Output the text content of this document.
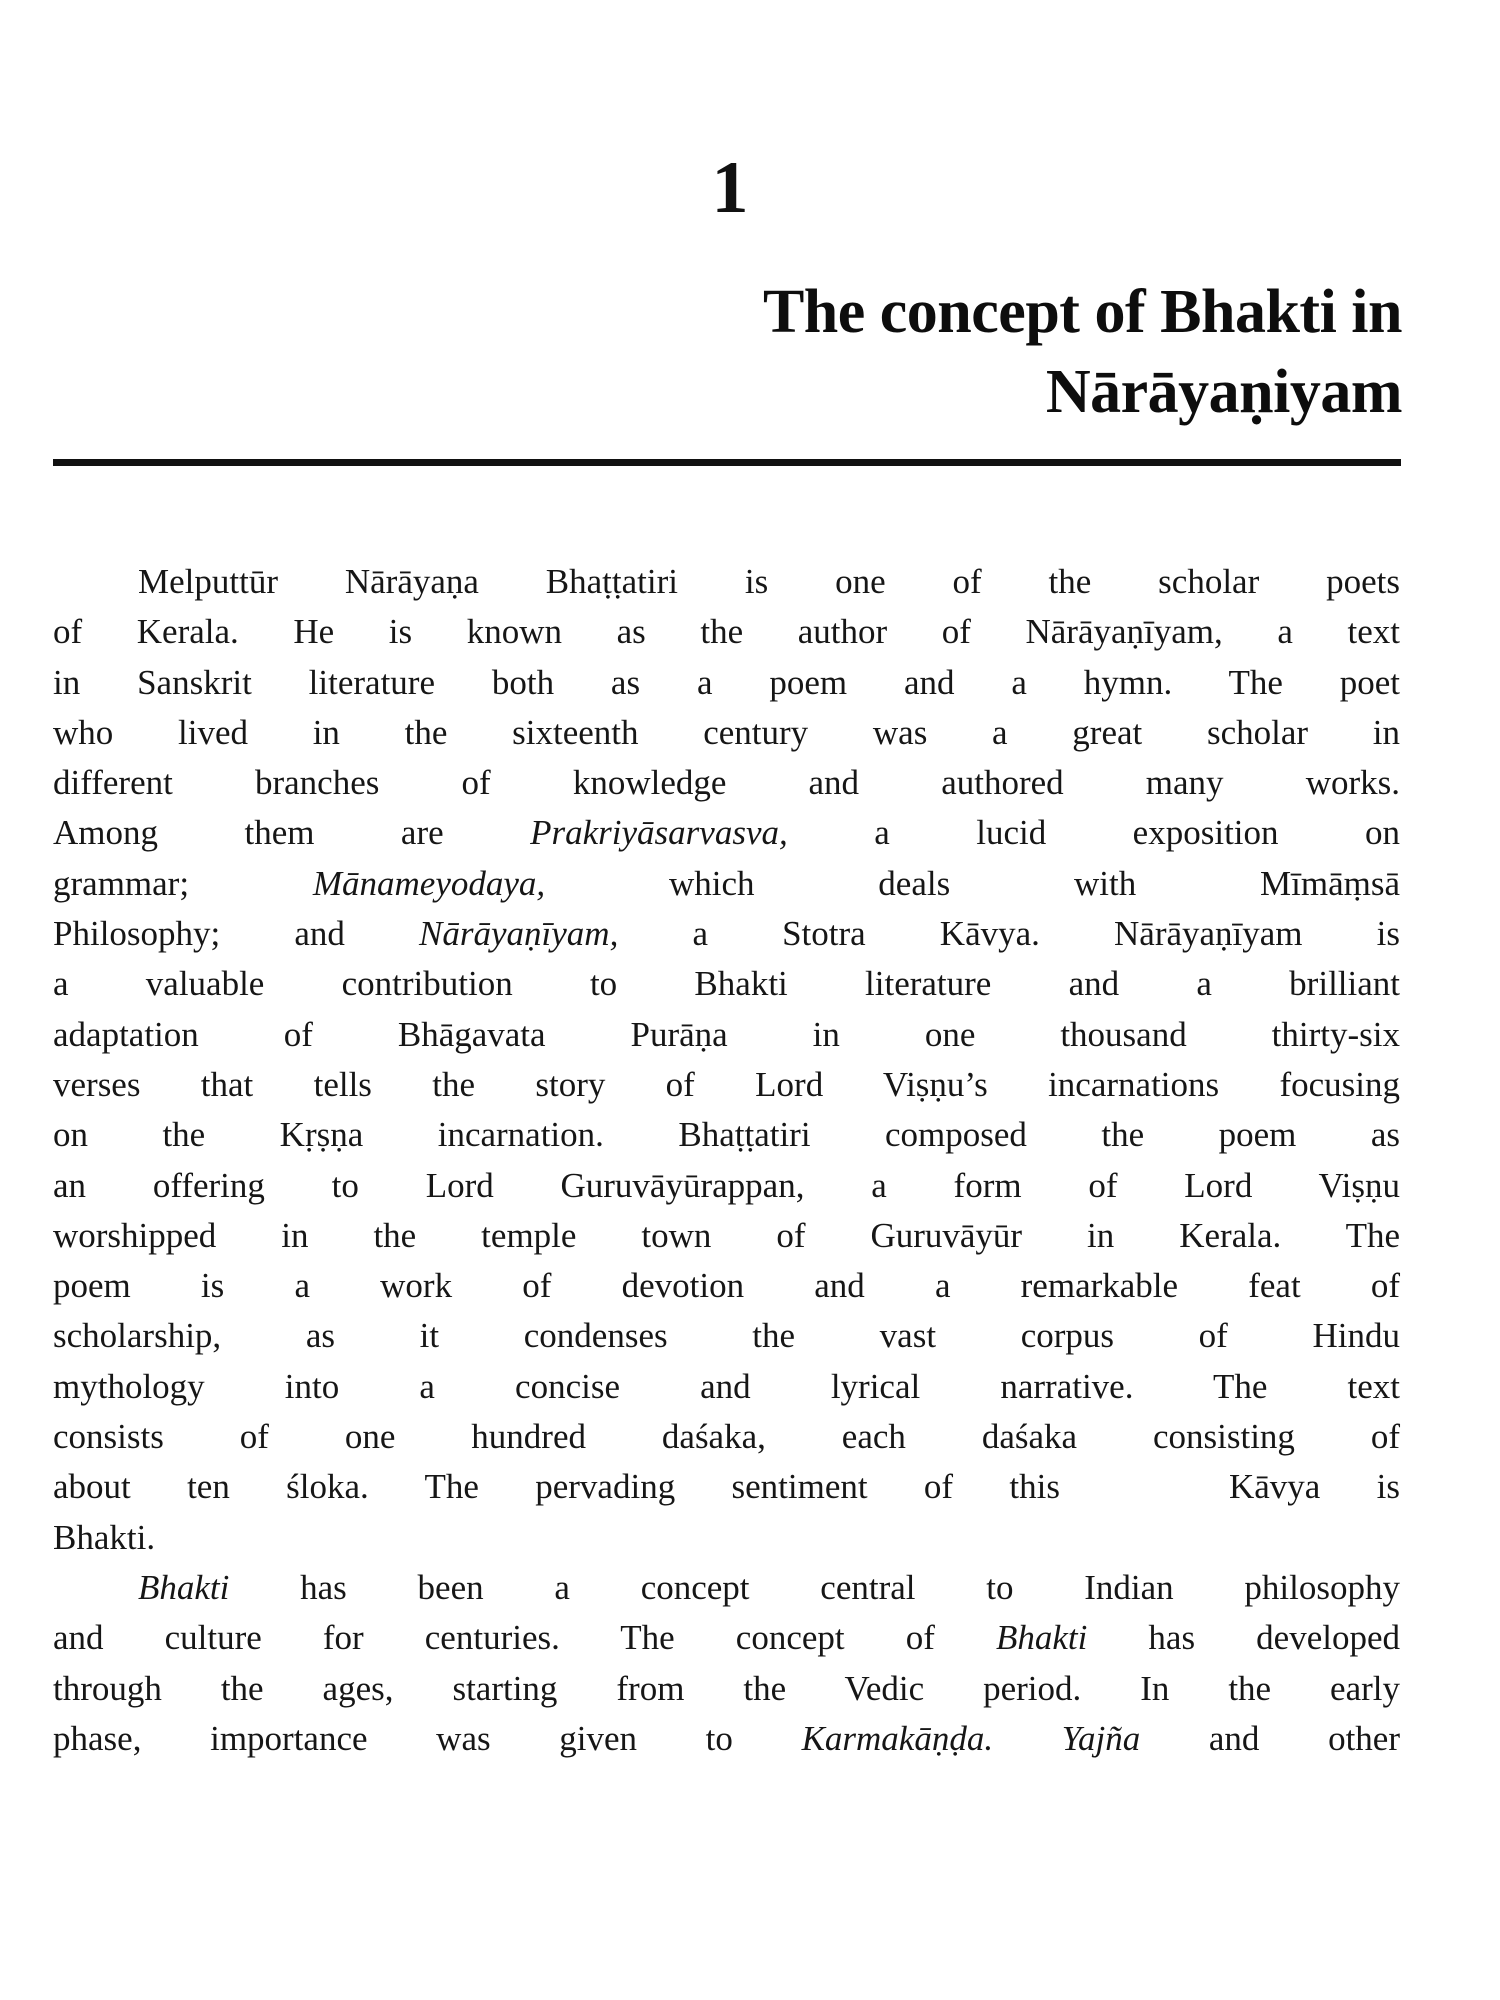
1
The concept of Bhakti in
Nārāyaṇiyam
Melputtūr Nārāyaṇa Bhaṭṭatiri is one of the scholar poets
of Kerala. He is known as the author of Nārāyaṇīyam, a text
in Sanskrit literature both as a poem and a hymn. The poet
who lived in the sixteenth century was a great scholar in
different branches of knowledge and authored many works.
Among them are Prakriyāsarvasva, a lucid exposition on
grammar; Mānameyodaya, which deals with Mīmāṃsā
Philosophy; and Nārāyaṇīyam, a Stotra Kāvya. Nārāyaṇīyam is
a valuable contribution to Bhakti literature and a brilliant
adaptation of Bhāgavata Purāṇa in one thousand thirty-six
verses that tells the story of Lord Viṣṇu’s incarnations focusing
on the Kṛṣṇa incarnation. Bhaṭṭatiri composed the poem as
an offering to Lord Guruvāyūrappan, a form of Lord Viṣṇu
worshipped in the temple town of Guruvāyūr in Kerala. The
poem is a work of devotion and a remarkable feat of
scholarship, as it condenses the vast corpus of Hindu
mythology into a concise and lyrical narrative. The text
consists of one hundred daśaka, each daśaka consisting of
about ten śloka. The pervading sentiment of this   Kāvya is
Bhakti.
Bhakti has been a concept central to Indian philosophy
and culture for centuries. The concept of Bhakti has developed
through the ages, starting from the Vedic period. In the early
phase, importance was given to Karmakāṇḍa. Yajña and other
